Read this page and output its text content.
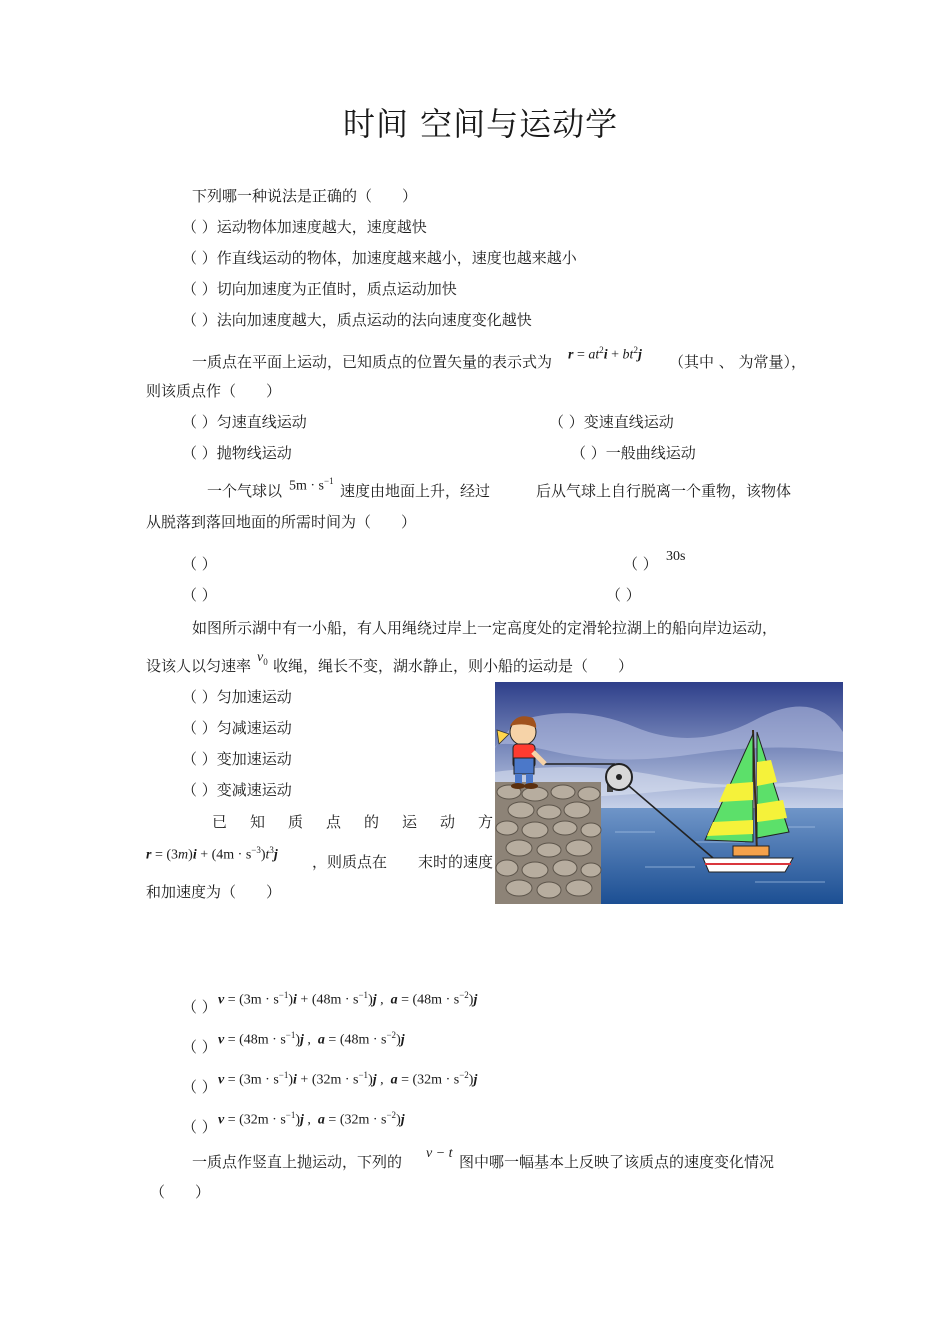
时间 空间与运动学
下列哪一种说法是正确的（　　）
（ ）运动物体加速度越大，速度越快
（ ）作直线运动的物体，加速度越来越小，速度也越来越小
（ ）切向加速度为正值时，质点运动加快
（ ）法向加速度越大，质点运动的法向速度变化越快
一质点在平面上运动，已知质点的位置矢量的表示式为 $r = at^2i + bt^2j$ （其中 、 为常量），
则该质点作（　　）
（ ）匀速直线运动	（ ）变速直线运动
（ ）抛物线运动	（ ）一般曲线运动
一个气球以 $5m \cdot s^{-1}$
速度由地面上升，经过	后从气球上自行脱离一个重物，该物体
从脱落到落回地面的所需时间为（　　）
（ ）	（ ） 30s
（ ）	（ ）
如图所示湖中有一小船，有人用绳绕过岸上一定高度处的定滑轮拉湖上的船向岸边运动，
设该人以匀速率 $v_0$ 收绳，绳长不变，湖水静止，则小船的运动是（　　）
（ ）匀加速运动
（ ）匀减速运动
（ ）变加速运动
（ ）变减速运动
已 知 质 点 的 运 动 方
$r = (3m)i + (4m \cdot s^{-3})t^3j$ ，则质点在 末时的速度
和加速度为（　　）
（ ） $v = (3m \cdot s^{-1})i + (48m \cdot s^{-1})j$ ,  $a = (48m \cdot s^{-2})j$
（ ） $v = (48m \cdot s^{-1})j$ ,  $a = (48m \cdot s^{-2})j$
（ ） $v = (3m \cdot s^{-1})i + (32m \cdot s^{-1})j$ ,  $a = (32m \cdot s^{-2})j$
（ ） $v = (32m \cdot s^{-1})j$ ,  $a = (32m \cdot s^{-2})j$
一质点作竖直上抛运动，下列的 v − t 图中哪一幅基本上反映了该质点的速度变化情况
（　　）
